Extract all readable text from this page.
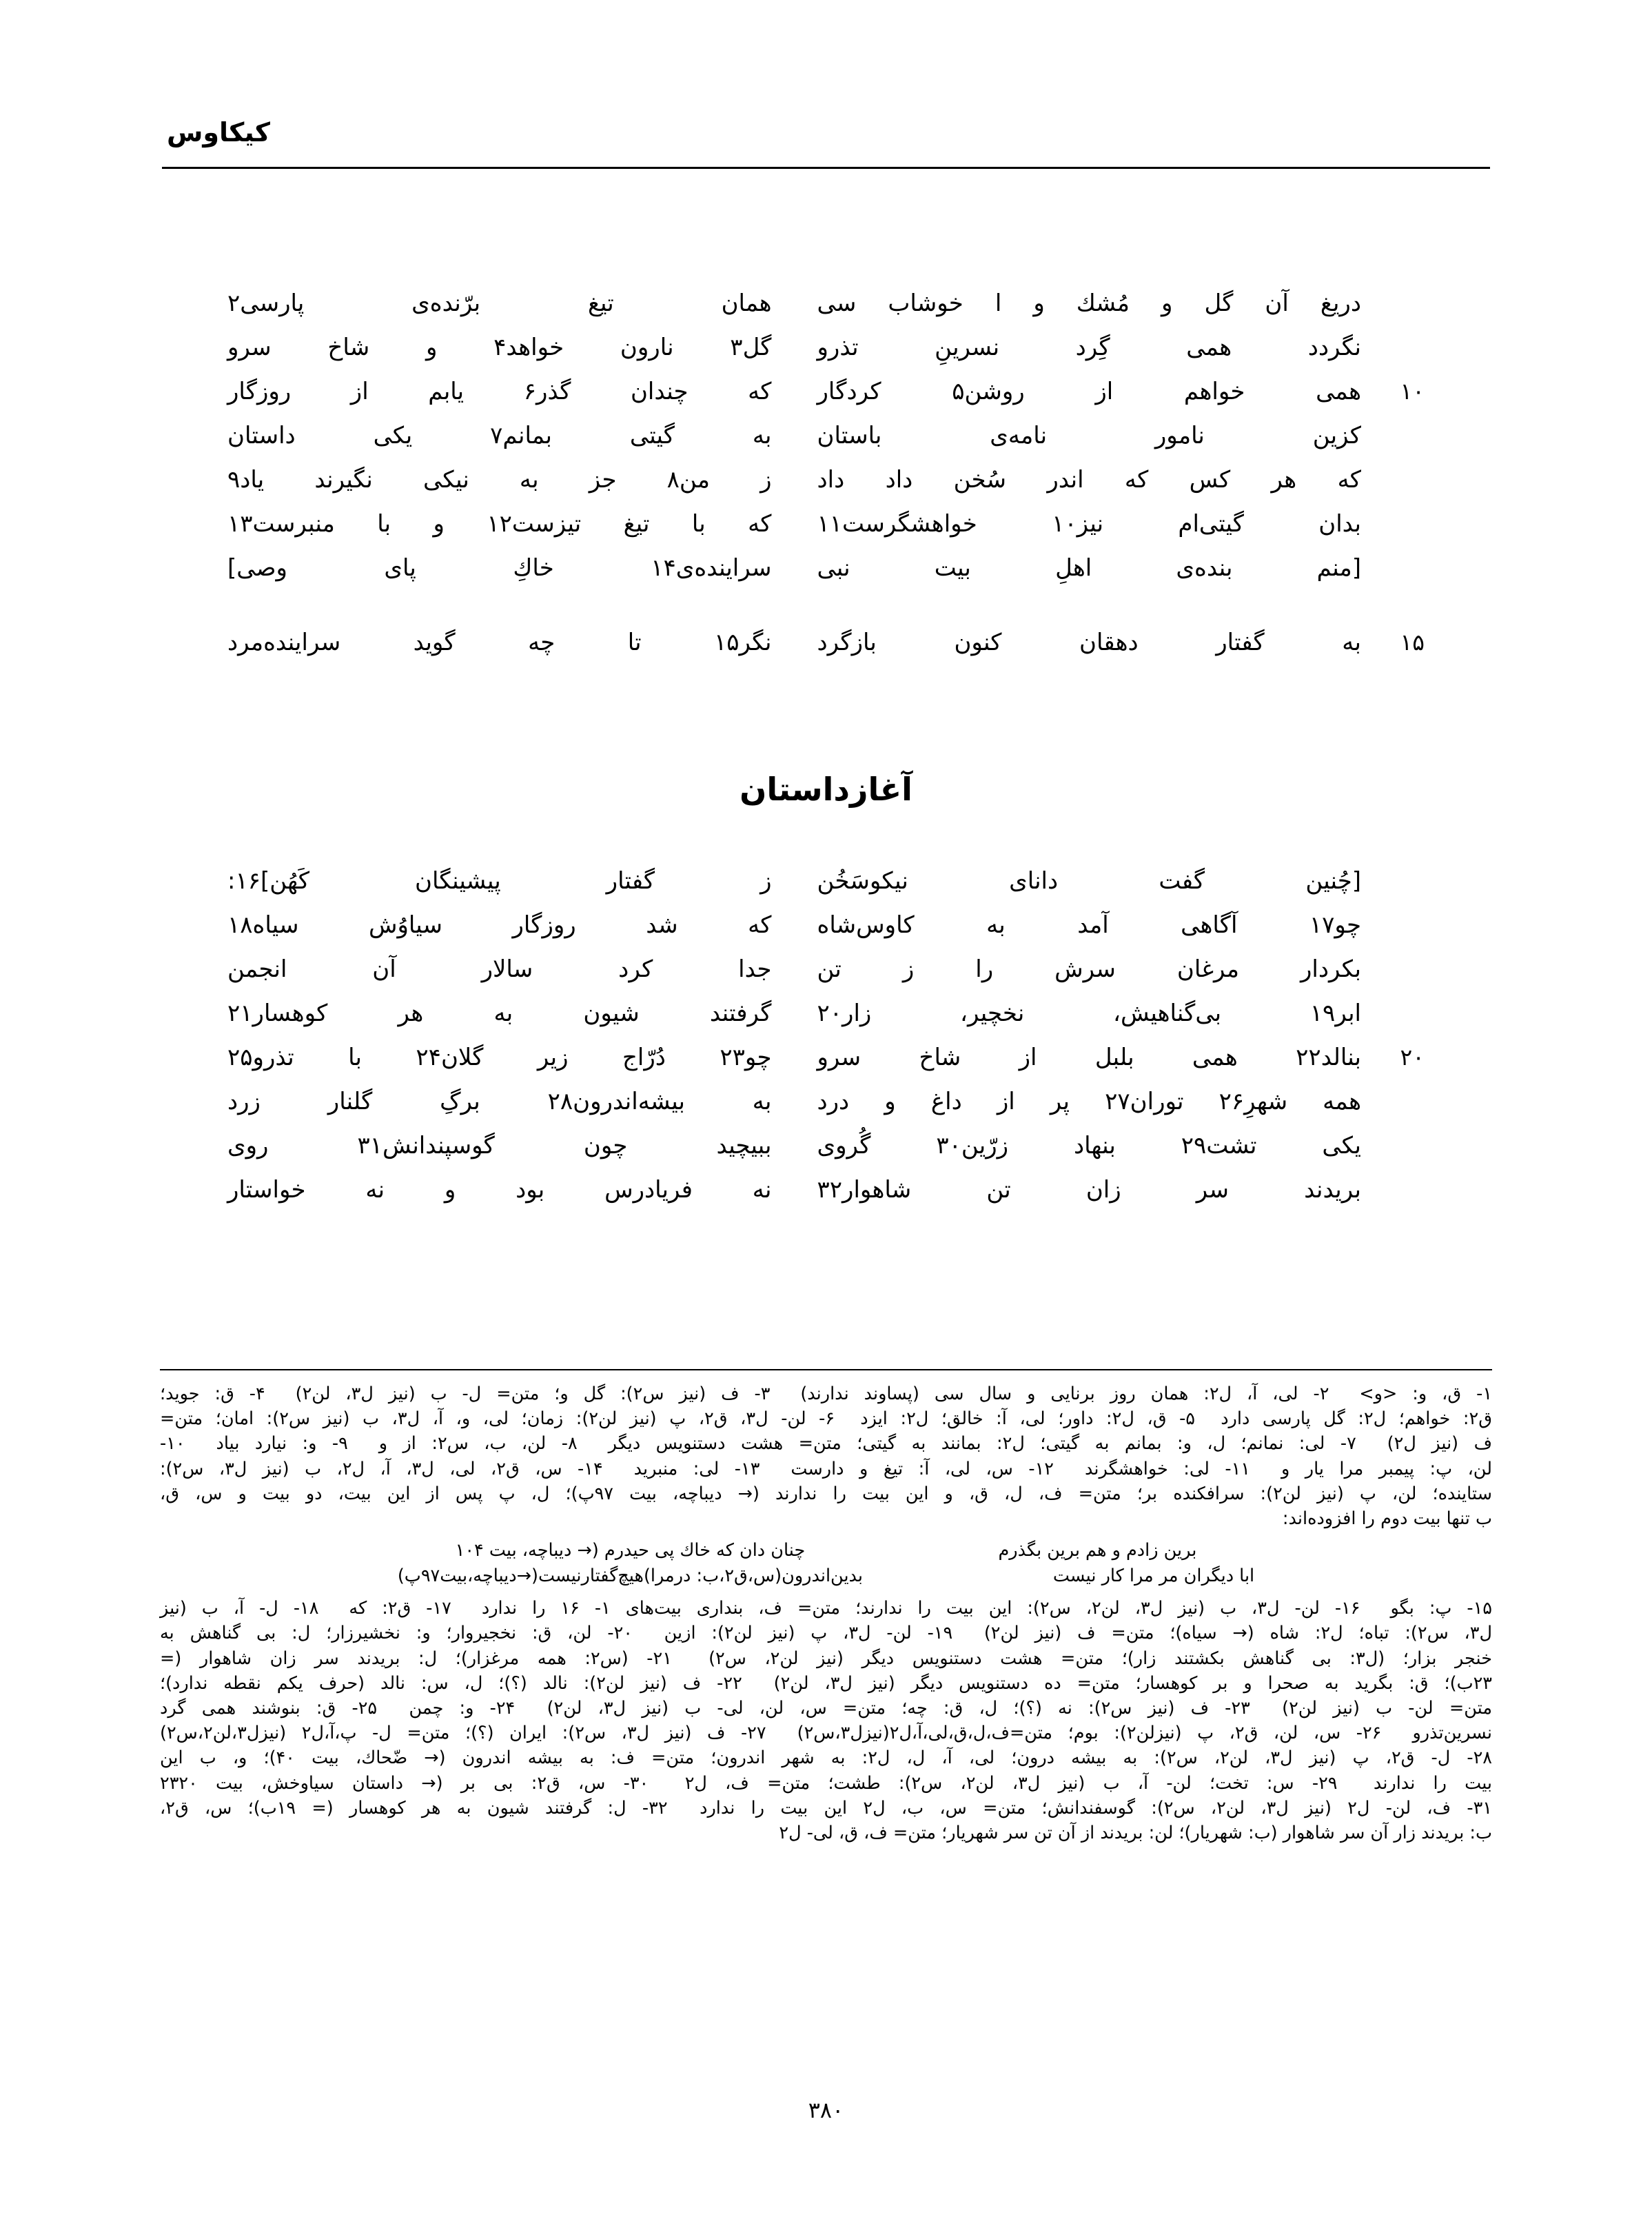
کیکاوس
دریغ آن گل و مُشك و‌ ا خوشاب سی
همان تیغ برّنده‌ی پارسی۲
نگردد همی گِرد نسرینِ تذرو
گل۳ نارون خواهد۴ و شاخ سرو
۱۰
همی خواهم از روشن۵ کردگار
که چندان گذر۶ یابم از روزگار
کزین نامور نامه‌ی باستان
به گیتی بمانم۷ یکی داستان
که هر کس که اندر سُخن داد داد
ز من۸ جز به نیکی نگیرند یاد۹
بدان گیتی‌ام نیز۱۰ خواهشگرست۱۱
که با تیغ تیزست۱۲ و با منبرست۱۳
[منم بنده‌ی اهلِ بیت نبی
سراینده‌ی۱۴ خاكِ پای وصی]
۱۵
به گفتار دهقان کنون بازگرد
نگر۱۵ تا چه گوید سراینده‌مرد
آغازداستان
[چُنین گفت دانای نیکو‌سَخُن
ز گفتار پیشینگان کَهُن]۱۶:
چو۱۷ آگاهی آمد به کاوس‌شاه
که شد روزگار سیاوُش سیاه۱۸
بکردار مرغان سرش را ز تن
جدا کرد سالار آن انجمن
ابر۱۹ بی‌گناهیش، نخچیر، زار۲۰
گرفتند شیون به هر کوهسار۲۱
۲۰
بنالد۲۲ همی بلبل از شاخ سرو
چو۲۳ دُرّاج زیر گلان۲۴ با تذرو۲۵
همه شهرِ۲۶ توران۲۷ پر از داغ و درد
به بیشه‌اندرون۲۸ برگِ گلنار زرد
یکی تشت۲۹ بنهاد زرّین۳۰ گُروی
ببیچید چون گوسپندانش۳۱ روی
بریدند سر زان تن شاهوار۳۲
نه فریادرس بود و نه خواستار
۱- ق، و: <و> ‌‌‌‌ ۲- لی، آ، ل۲: همان روز برنایی و سال سی (پساوند ندارند) ‌‌‌‌ ۳- ف (نیز س۲): گل و؛ متن= ل- ب (نیز ل۳، لن۲) ‌‌‌‌ ۴- ق: جوید؛
ق۲: خواهم؛ ل۲: گل پارسی دارد ‌‌‌‌ ۵- ق، ل۲: داور؛ لی، آ: خالق؛ ل۲: ایزد ‌‌‌‌ ۶- لن- ل۳، ق۲، پ (نیز لن۲): زمان؛ لی، و، آ، ل۳، ب (نیز س۲): امان؛ متن=
ف (نیز ل۲) ‌‌‌‌ ۷- لی: نمانم؛ ل، و: بمانم به گیتی؛ ل۲: بمانند به گیتی؛ متن= هشت دستنویس دیگر ‌‌‌‌ ۸- لن، ب، س۲: از و ‌‌‌‌ ۹- و: نیارد بیاد ‌‌‌‌ ۱۰-
لن، پ: پیمبر مرا یار و ‌‌‌‌ ۱۱- لی: خواهشگرند ‌‌‌‌ ۱۲- س، لی، آ: تیغ و دارست ‌‌‌‌ ۱۳- لی: منبرید ‌‌‌‌ ۱۴- س، ق۲، لی، ل۳، آ، ل۲، ب (نیز ل۳، س۲):
ستاینده؛ لن، پ (نیز لن۲): سرافکنده بر؛ متن= ف، ل، ق، و این بیت را ندارند (→ دیباچه، بیت ۹۷پ)؛ ل، پ پس از این بیت، دو بیت و س، ق،
ب تنها بیت دوم را افزوده‌اند:
برین زادم و هم برین بگذرم چنان دان که خاك پی حیدرم (→ دیباچه، بیت ۱۰۴
ابا دیگران مر مرا کار نیست بدین‌اندرون(س،ق۲،ب: درمرا)هیچ‌گفتارنیست(→دیباچه،بیت۹۷پ)
۱۵- پ: بگو ‌‌‌‌ ۱۶- لن- ل۳، ب (نیز ل۳، لن۲، س۲): این بیت را ندارند؛ متن= ف، بنداری بیت‌های ۱- ۱۶ را ندارد ‌‌‌‌ ۱۷- ق۲: که ‌‌‌‌ ۱۸- ل- آ، ب (نیز
ل۳، س۲): تباه؛ ل۲: شاه (→ سیاه)؛ متن= ف (نیز لن۲) ‌‌‌‌ ۱۹- لن- ل۳، پ (نیز لن۲): ازین ‌‌‌‌ ۲۰- لن، ق: نخجیروار؛ و: نخشیرزار؛ ل: بی گناهش به
خنجر بزار؛ (ل۳: بی گناهش بکشتند زار)؛ متن= هشت دستنویس دیگر (نیز لن۲، س۲) ‌‌‌‌ ۲۱- (س۲: همه مرغزار)؛ ل: بریدند سر زان شاهوار (=
۲۳ب)؛ ق: بگرید به صحرا و بر کوهسار؛ متن= ده دستنویس دیگر (نیز ل۳، لن۲) ‌‌‌‌ ۲۲- ف (نیز لن۲): نالد (؟)؛ ل، س: نالد (حرف یکم نقطه ندارد)؛
متن= لن- ب (نیز لن۲) ‌‌‌‌ ۲۳- ف (نیز س۲): نه (؟)؛ ل، ق: چه؛ متن= س، لن، لی- ب (نیز ل۳، لن۲) ‌‌‌‌ ۲۴- و: چمن ‌‌‌‌ ۲۵- ق: بنوشند همی گرد
نسرین‌تذرو ‌‌‌‌ ۲۶- س، لن، ق۲، پ (نیزلن۲): بوم؛ متن=ف،ل،ق،لی،آ،ل۲(نیزل۳،س۲) ‌‌‌‌ ۲۷- ف (نیز ل۳، س۲): ایران (؟)؛ متن= ل- پ،آ،ل۲ (نیزل۳،لن۲،س۲)
۲۸- ل- ق۲، پ (نیز ل۳، لن۲، س۲): به بیشه درون؛ لی، آ، ل، ل۲: به شهر اندرون؛ متن= ف: به بیشه اندرون (→ ضّحاك، بیت ۴۰)؛ و، ب این
بیت را ندارند ‌‌‌‌ ۲۹- س: تخت؛ لن- آ، ب (نیز ل۳، لن۲، س۲): طشت؛ متن= ف، ل۲ ‌‌‌‌ ۳۰- س، ق۲: بی بر (→ داستان سیاوخش، بیت ۲۳۲۰
۳۱- ف، لن- ل۲ (نیز ل۳، لن۲، س۲): گوسفندانش؛ متن= س، ب، ل۲ این بیت را ندارد ‌‌‌‌ ۳۲- ل: گرفتند شیون به هر کوهسار (= ۱۹ب)؛ س، ق۲،
ب: بریدند زار آن سر شاهوار (ب: شهریار)؛ لن: بریدند از آن تن سر شهریار؛ متن= ف، ق، لی- ل۲
۳۸۰
